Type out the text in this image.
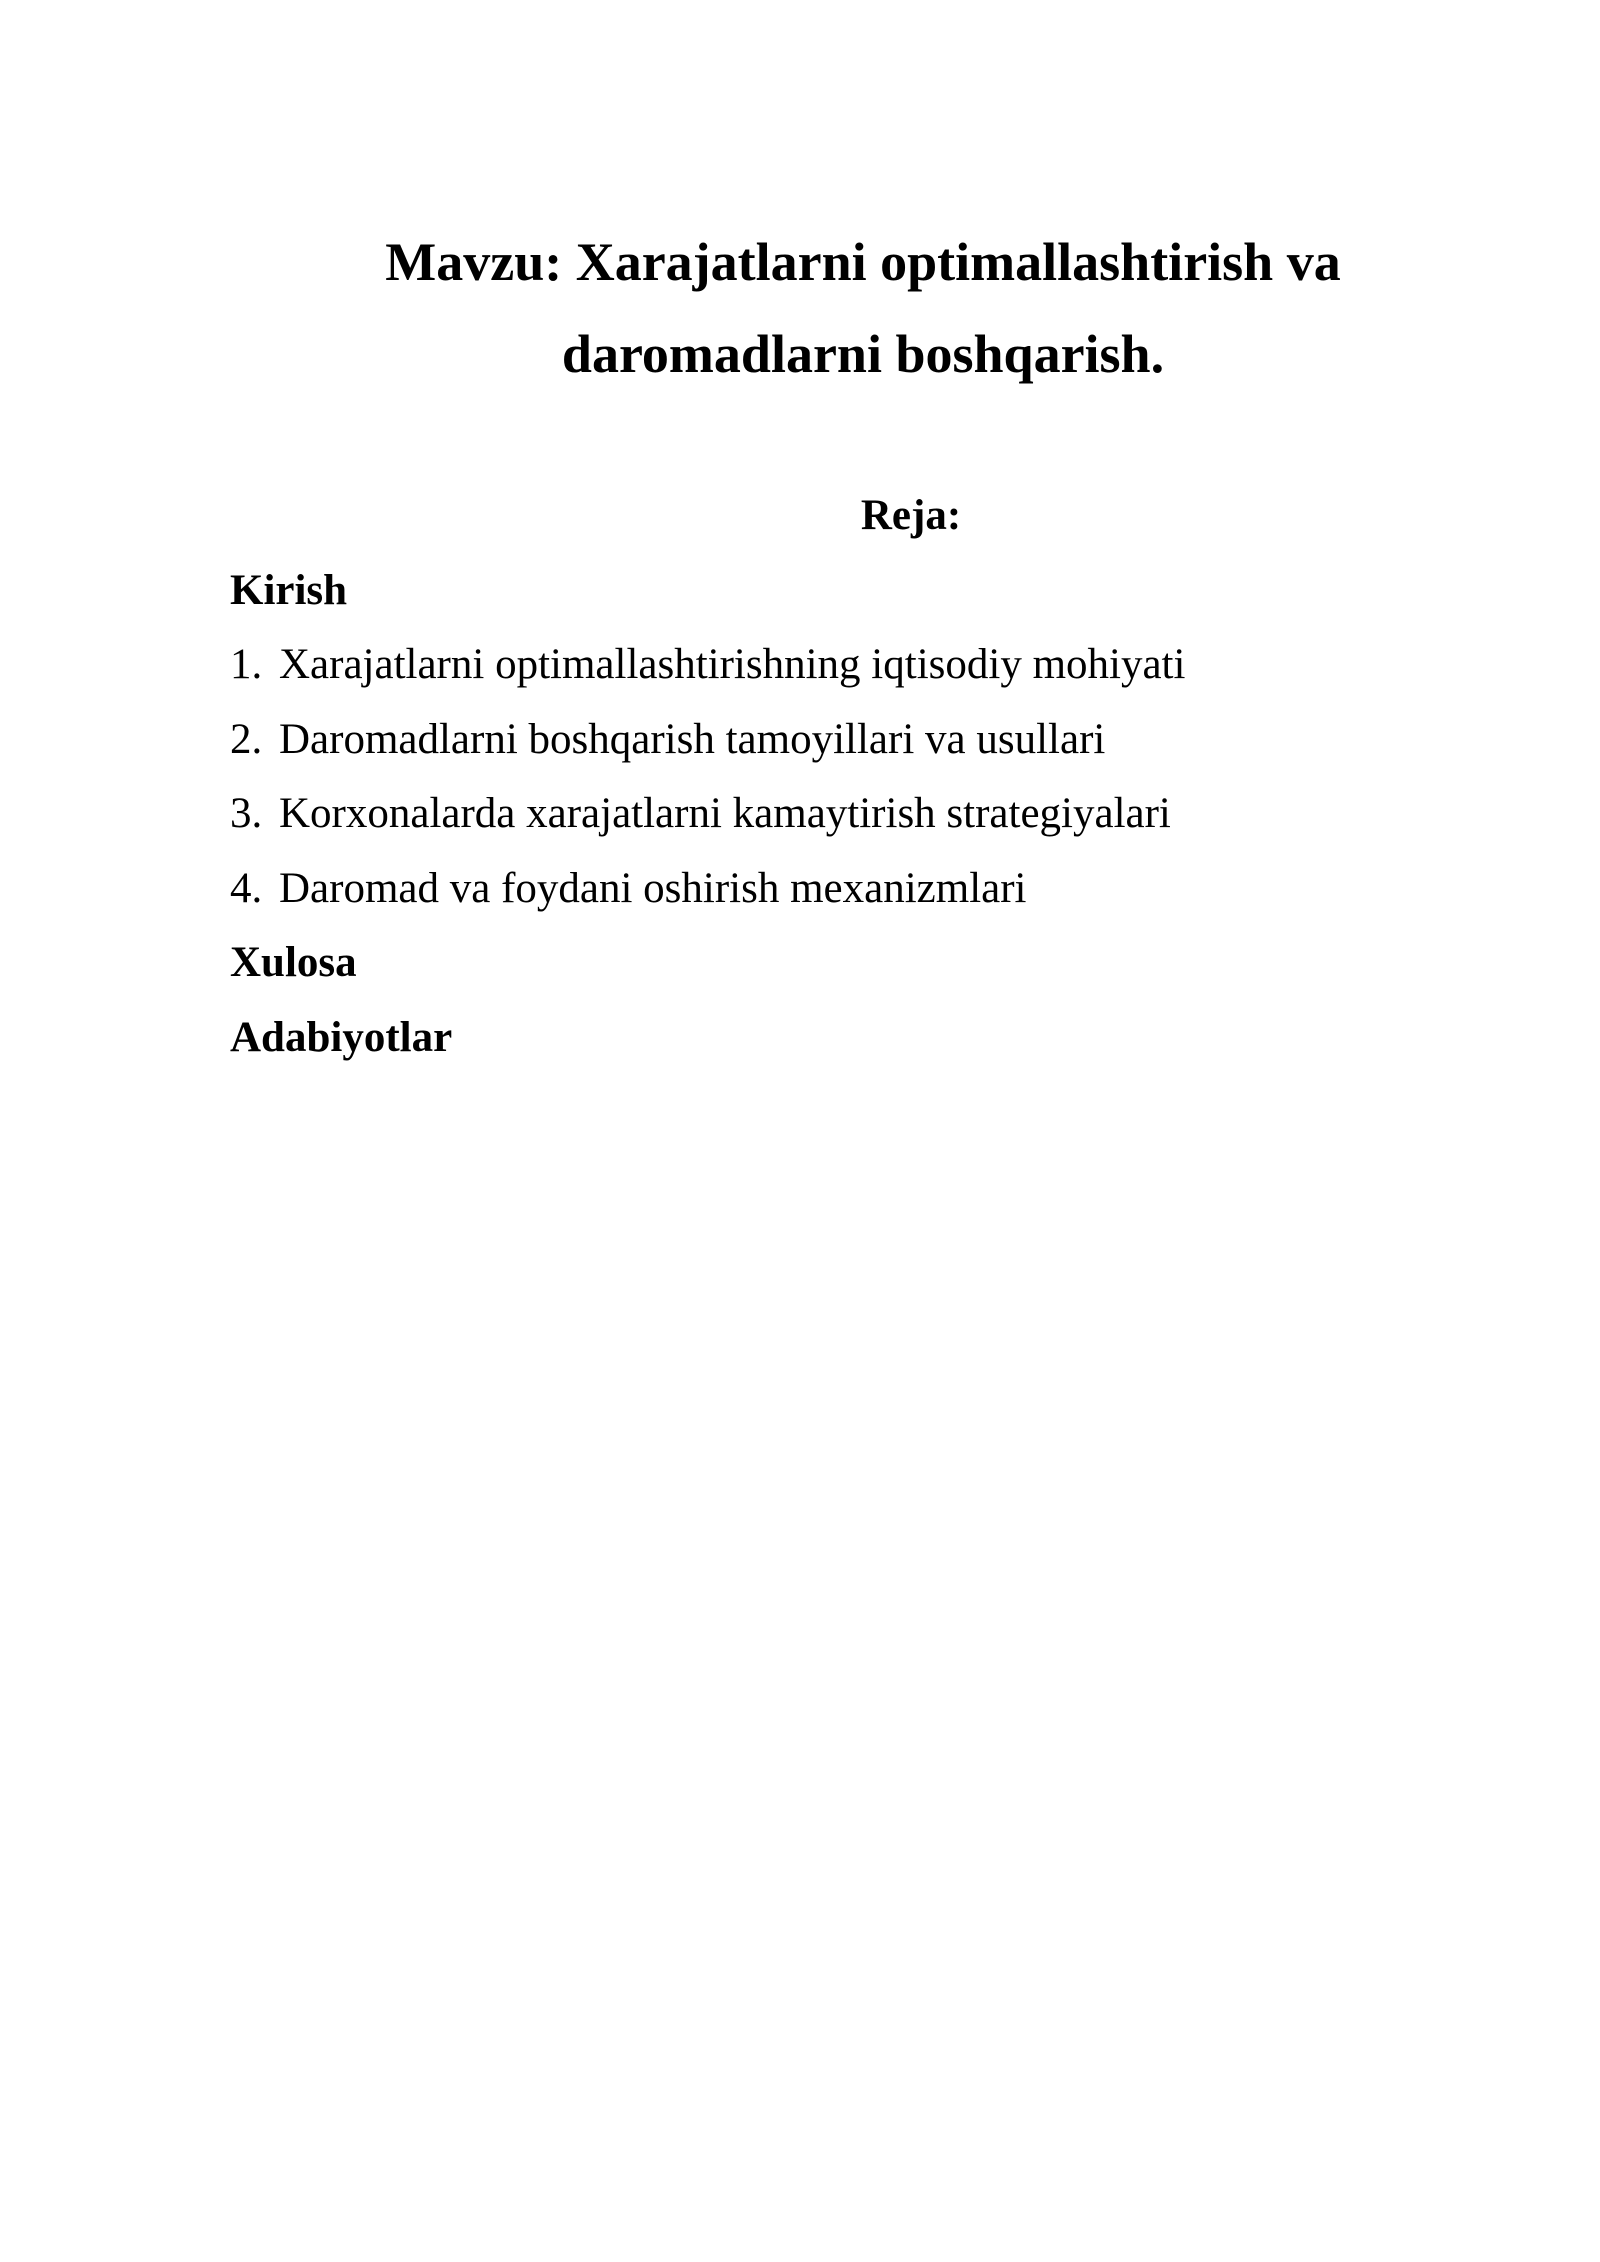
Mavzu: Xarajatlarni optimallashtirish va daromadlarni boshqarish.
Reja:
Kirish
1. Xarajatlarni optimallashtirishning iqtisodiy mohiyati
2. Daromadlarni boshqarish tamoyillari va usullari
3. Korxonalarda xarajatlarni kamaytirish strategiyalari
4. Daromad va foydani oshirish mexanizmlari
Xulosa
Adabiyotlar
